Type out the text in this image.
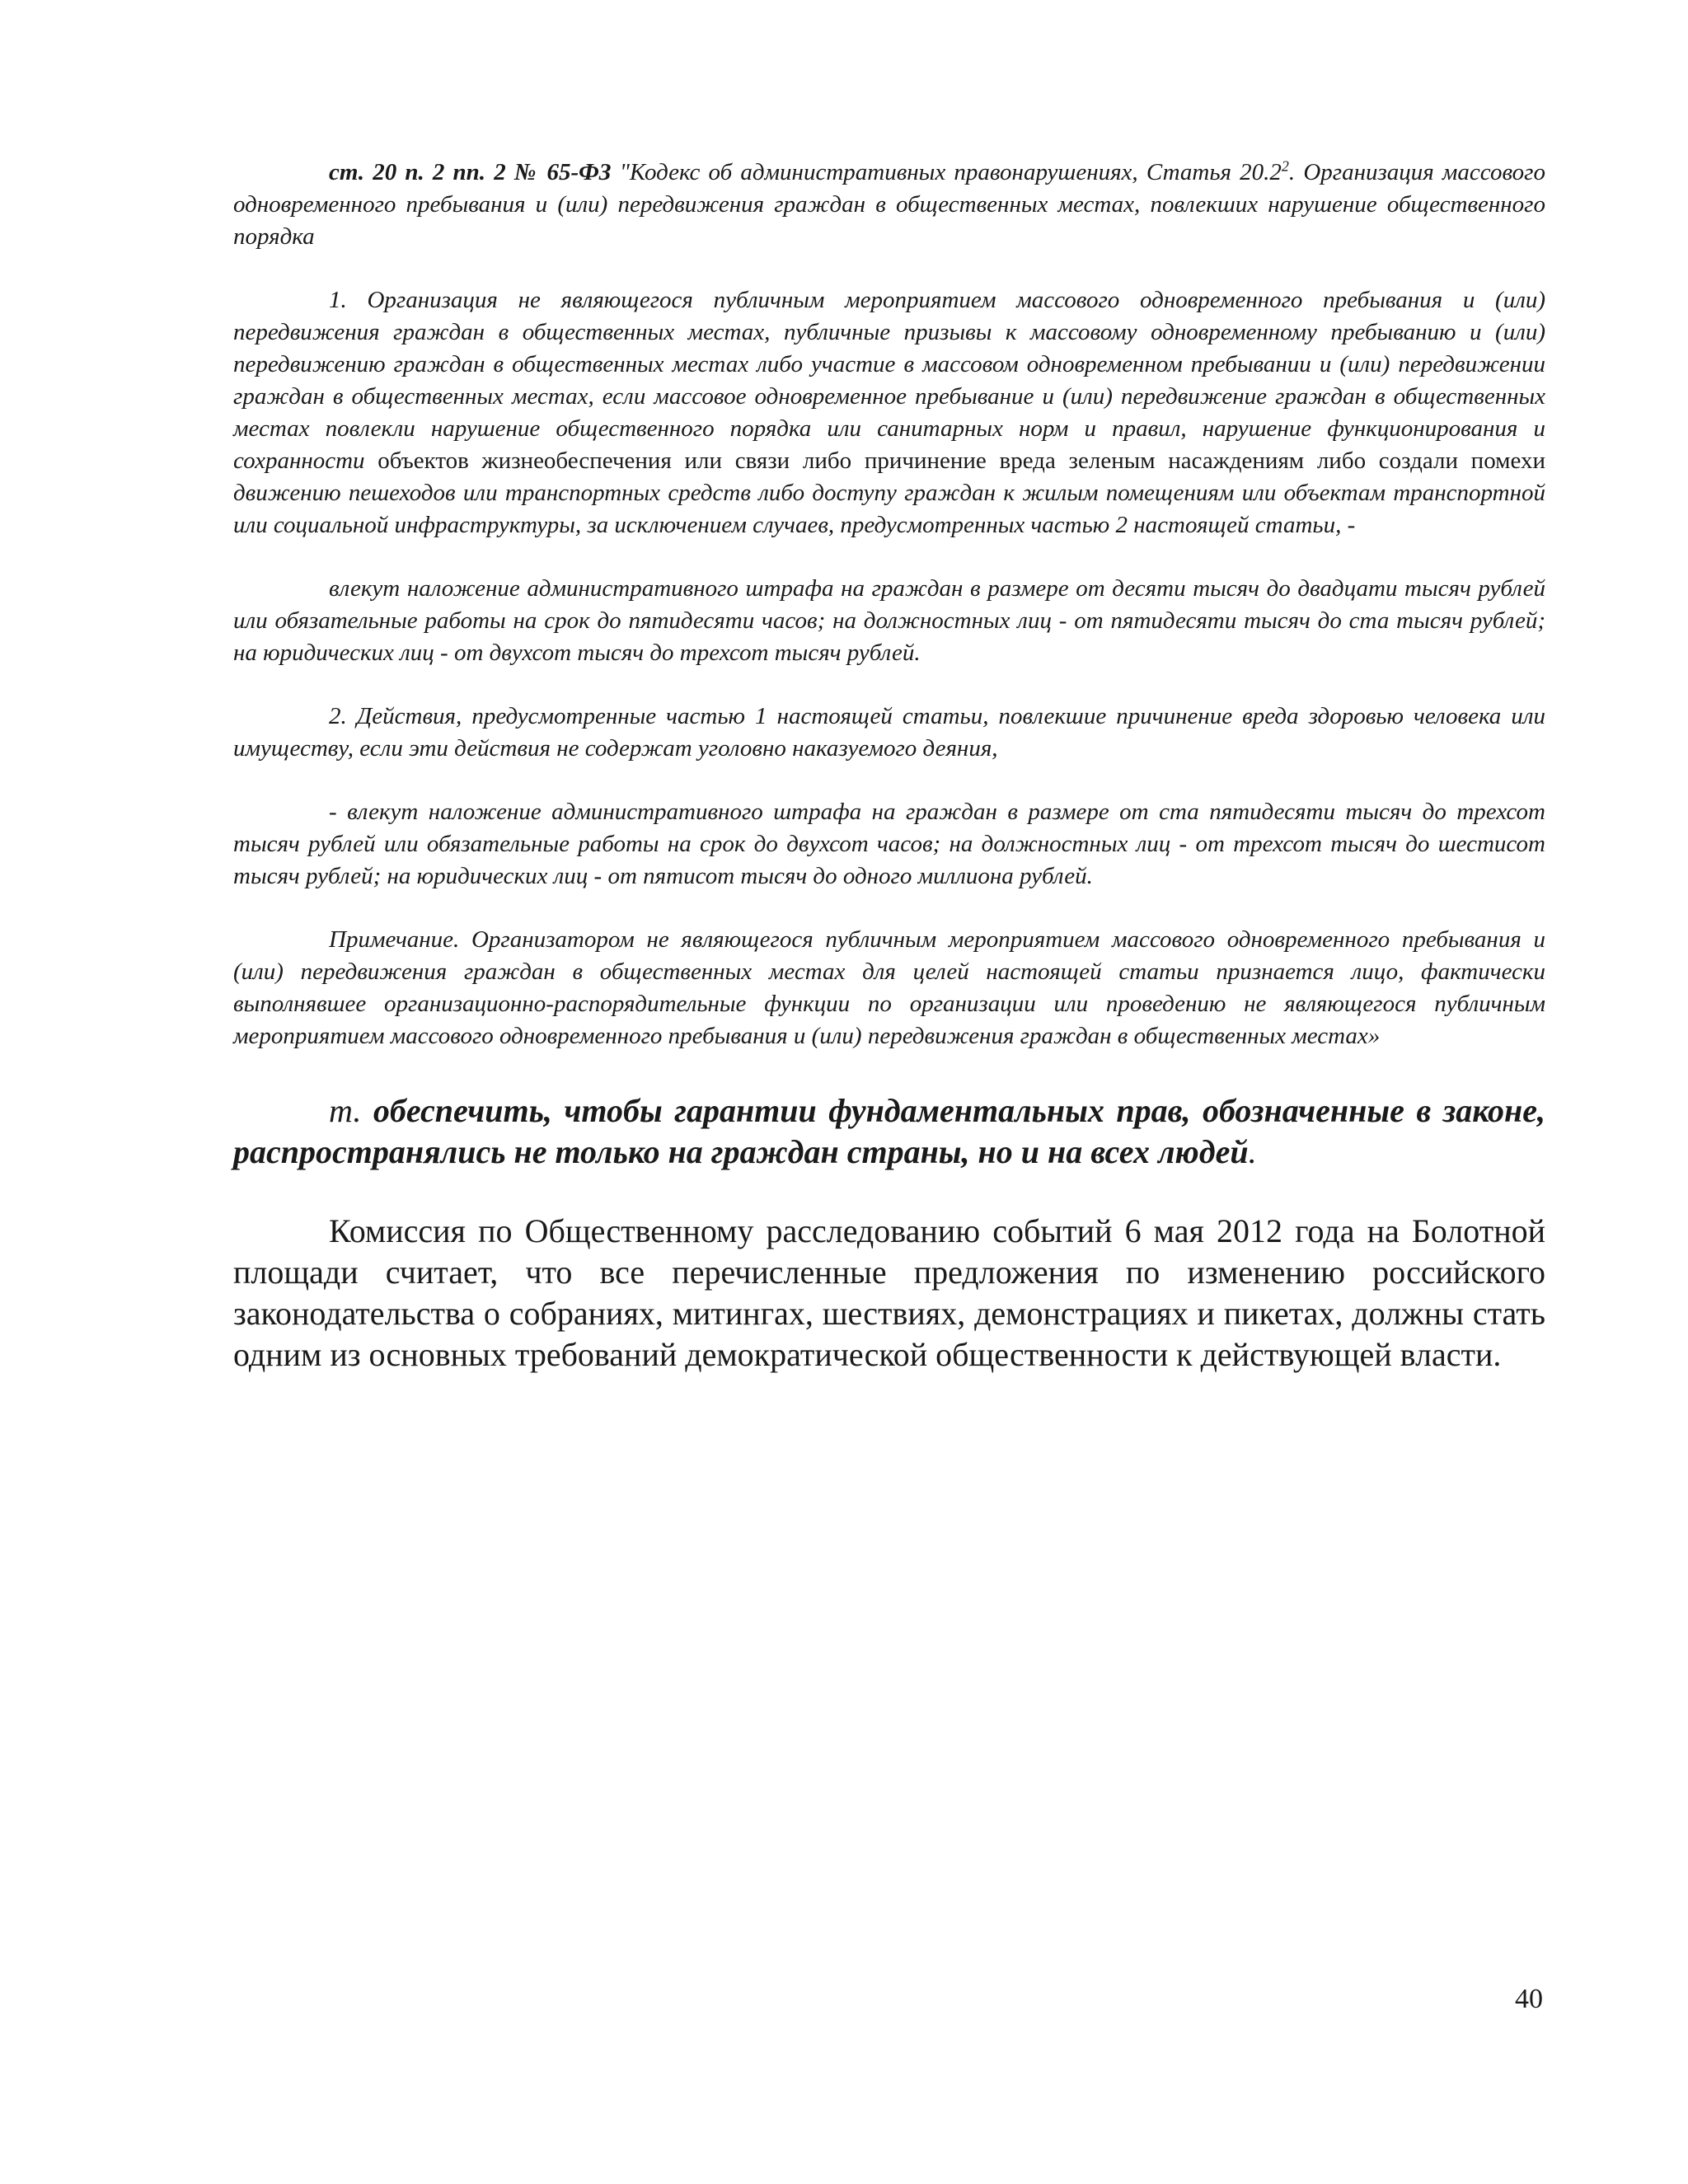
ст. 20 п. 2 пп. 2 № 65-ФЗ "Кодекс об административных правонарушениях, Статья 20.2$^2$. Организация массового одновременного пребывания и (или) передвижения граждан в общественных местах, повлекших нарушение общественного порядка

1. Организация не являющегося публичным мероприятием массового одновременного пребывания и (или) передвижения граждан в общественных местах, публичные призывы к массовому одновременному пребыванию и (или) передвижению граждан в общественных местах либо участие в массовом одновременном пребывании и (или) передвижении граждан в общественных местах, если массовое одновременное пребывание и (или) передвижение граждан в общественных местах повлекли нарушение общественного порядка или санитарных норм и правил, нарушение функционирования и сохранности объектов жизнеобеспечения или связи либо причинение вреда зеленым насаждениям либо создали помехи движению пешеходов или транспортных средств либо доступу граждан к жилым помещениям или объектам транспортной или социальной инфраструктуры, за исключением случаев, предусмотренных частью 2 настоящей статьи, -

влекут наложение административного штрафа на граждан в размере от десяти тысяч до двадцати тысяч рублей или обязательные работы на срок до пятидесяти часов; на должностных лиц - от пятидесяти тысяч до ста тысяч рублей; на юридических лиц - от двухсот тысяч до трехсот тысяч рублей.

2. Действия, предусмотренные частью 1 настоящей статьи, повлекшие причинение вреда здоровью человека или имуществу, если эти действия не содержат уголовно наказуемого деяния,

- влекут наложение административного штрафа на граждан в размере от ста пятидесяти тысяч до трехсот тысяч рублей или обязательные работы на срок до двухсот часов; на должностных лиц - от трехсот тысяч до шестисот тысяч рублей; на юридических лиц - от пятисот тысяч до одного миллиона рублей.

Примечание. Организатором не являющегося публичным мероприятием массового одновременного пребывания и (или) передвижения граждан в общественных местах для целей настоящей статьи признается лицо, фактически выполнявшее организационно-распорядительные функции по организации или проведению не являющегося публичным мероприятием массового одновременного пребывания и (или) передвижения граждан в общественных местах»

т. обеспечить, чтобы гарантии фундаментальных прав, обозначенные в законе, распространялись не только на граждан страны, но и на всех людей.

Комиссия по Общественному расследованию событий 6 мая 2012 года на Болотной площади считает, что все перечисленные предложения по изменению российского законодательства о собраниях, митингах, шествиях, демонстрациях и пикетах, должны стать одним из основных требований демократической общественности к действующей власти.

40
